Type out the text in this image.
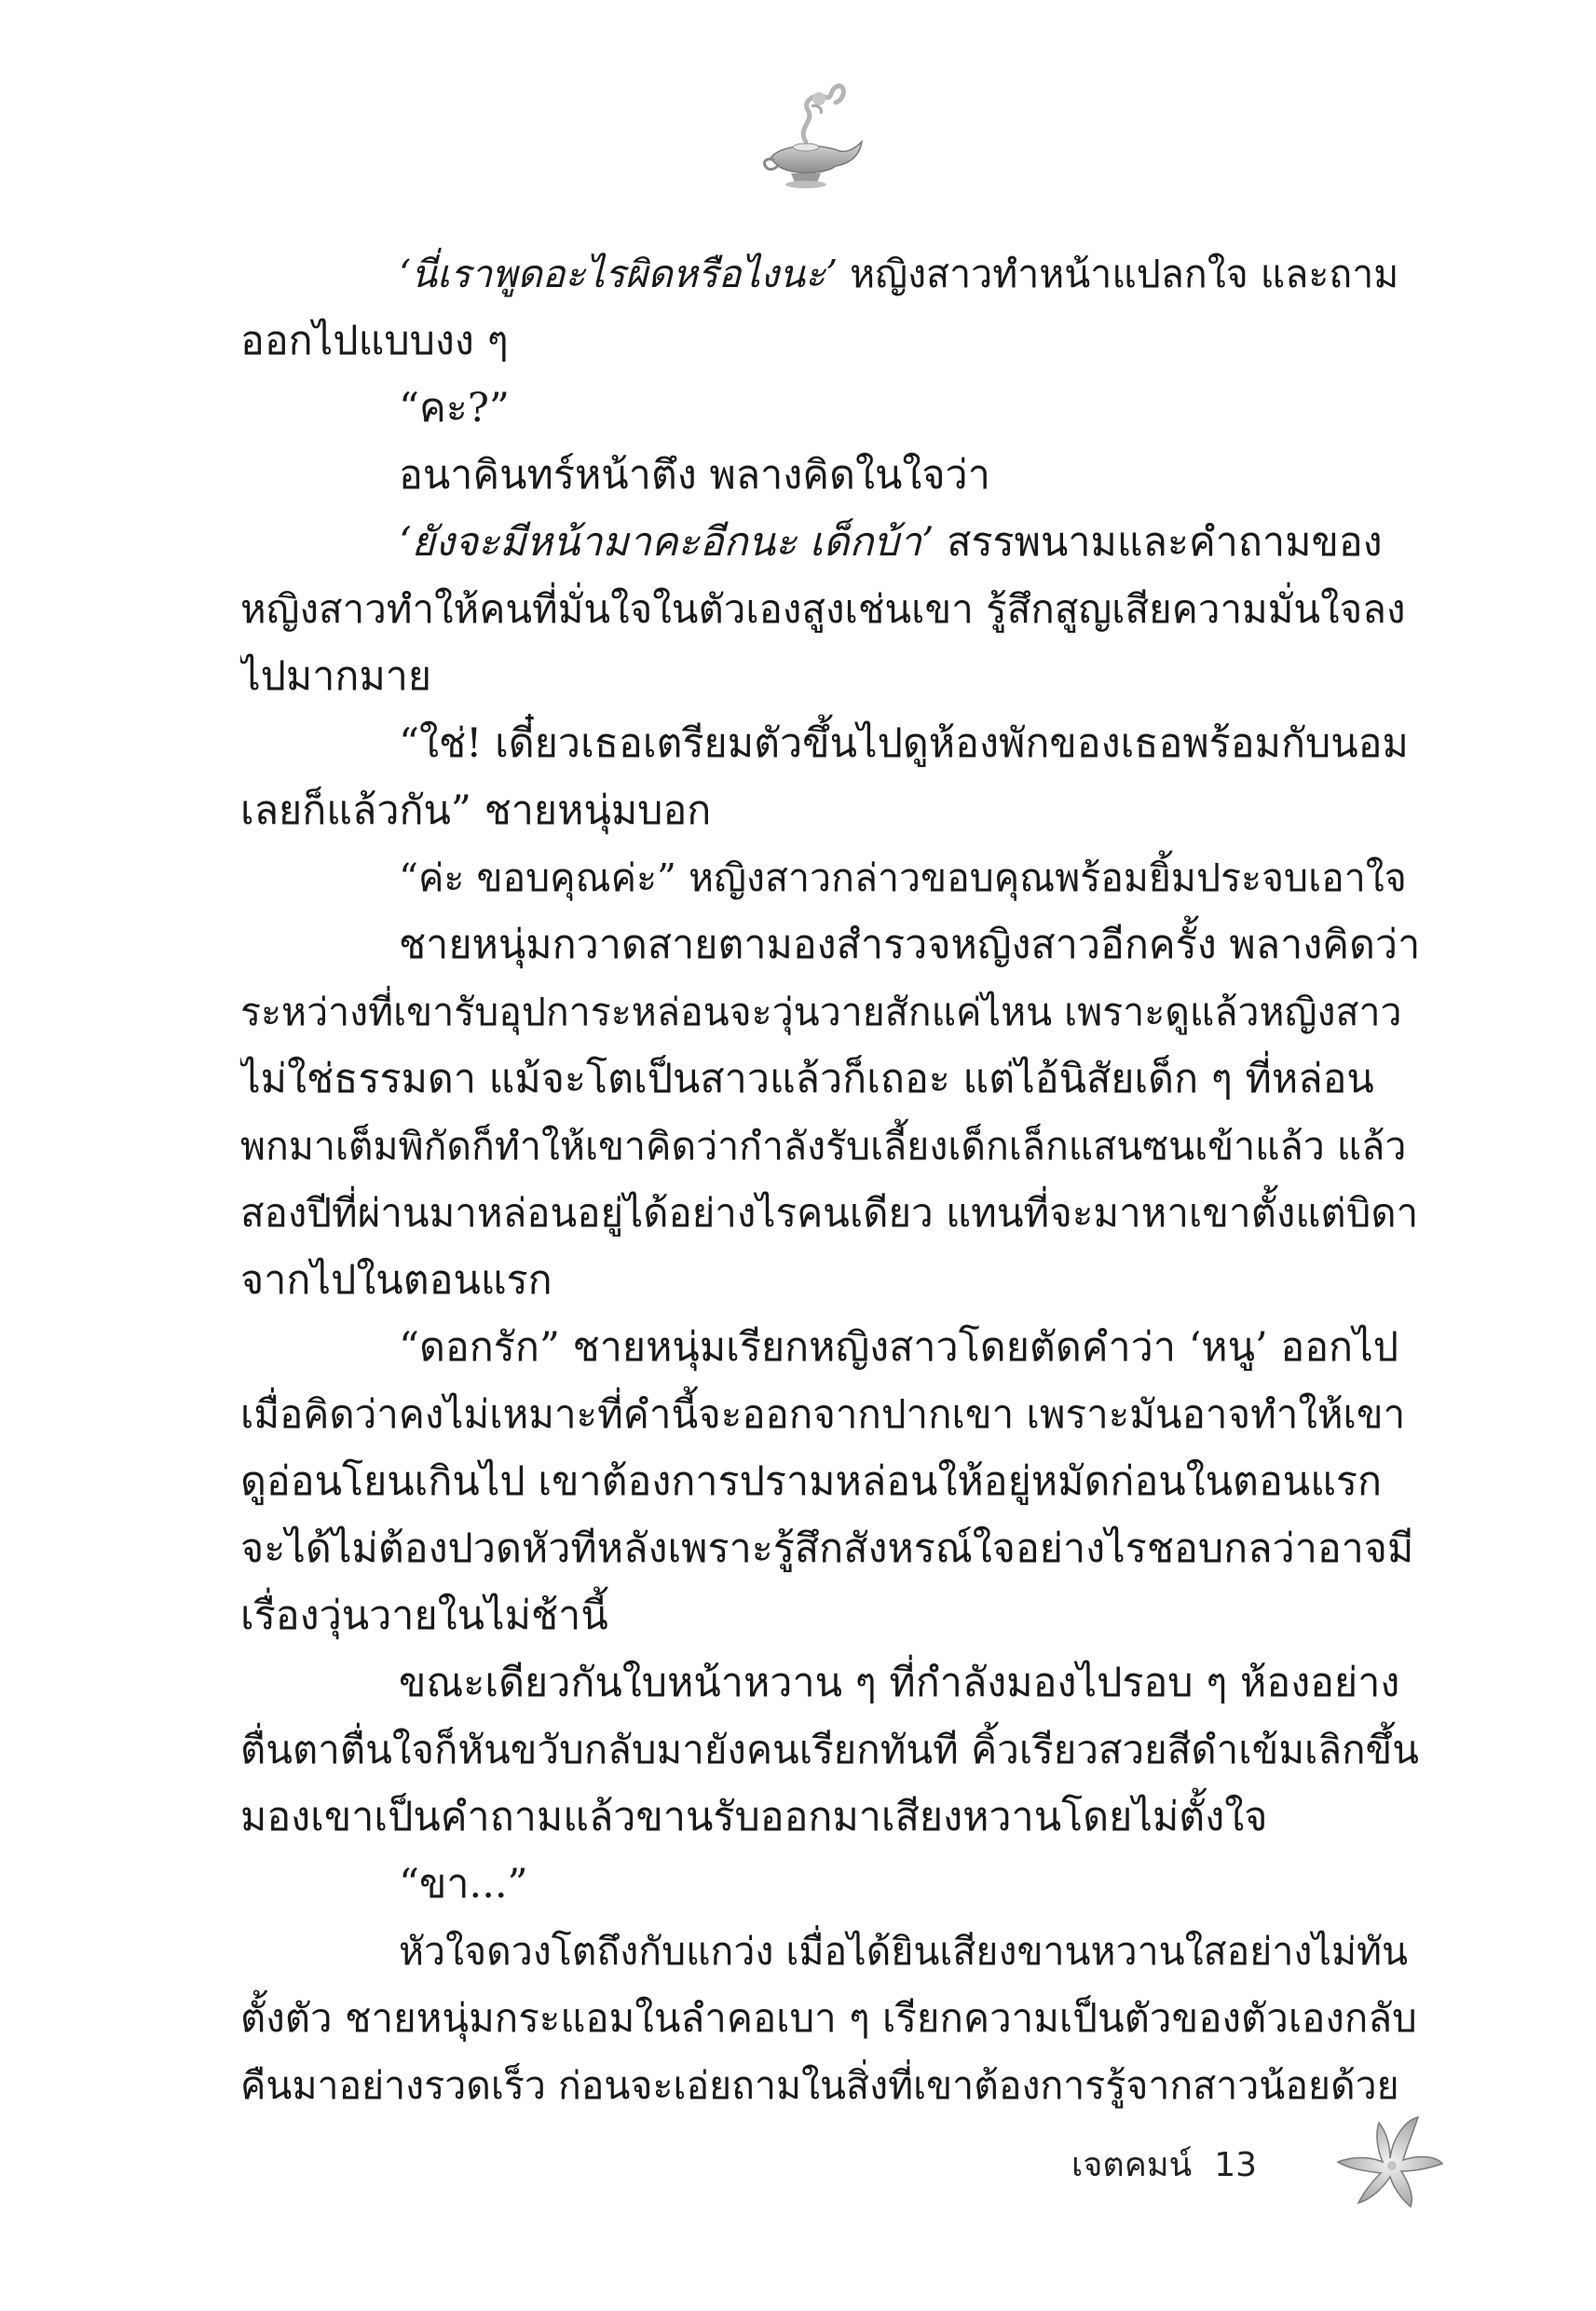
‘นี่เราพูดอะไรผิดหรือไงนะ’ หญิงสาวทำหน้าแปลกใจ และถาม
ออกไปแบบงง ๆ
“คะ?”
อนาคินทร์หน้าตึง พลางคิดในใจว่า
‘ยังจะมีหน้ามาคะอีกนะ เด็กบ้า’ สรรพนามและคำถามของ
หญิงสาวทำให้คนที่มั่นใจในตัวเองสูงเช่นเขา รู้สึกสูญเสียความมั่นใจลง
ไปมากมาย
“ใช่! เดี๋ยวเธอเตรียมตัวขึ้นไปดูห้องพักของเธอพร้อมกับนอม
เลยก็แล้วกัน” ชายหนุ่มบอก
“ค่ะ ขอบคุณค่ะ” หญิงสาวกล่าวขอบคุณพร้อมยิ้มประจบเอาใจ
ชายหนุ่มกวาดสายตามองสำรวจหญิงสาวอีกครั้ง พลางคิดว่า
ระหว่างที่เขารับอุปการะหล่อนจะวุ่นวายสักแค่ไหน เพราะดูแล้วหญิงสาว
ไม่ใช่ธรรมดา แม้จะโตเป็นสาวแล้วก็เถอะ แต่ไอ้นิสัยเด็ก ๆ ที่หล่อน
พกมาเต็มพิกัดก็ทำให้เขาคิดว่ากำลังรับเลี้ยงเด็กเล็กแสนซนเข้าแล้ว แล้ว
สองปีที่ผ่านมาหล่อนอยู่ได้อย่างไรคนเดียว แทนที่จะมาหาเขาตั้งแต่บิดา
จากไปในตอนแรก
“ดอกรัก” ชายหนุ่มเรียกหญิงสาวโดยตัดคำว่า ‘หนู’ ออกไป
เมื่อคิดว่าคงไม่เหมาะที่คำนี้จะออกจากปากเขา เพราะมันอาจทำให้เขา
ดูอ่อนโยนเกินไป เขาต้องการปรามหล่อนให้อยู่หมัดก่อนในตอนแรก
จะได้ไม่ต้องปวดหัวทีหลังเพราะรู้สึกสังหรณ์ใจอย่างไรชอบกลว่าอาจมี
เรื่องวุ่นวายในไม่ช้านี้
ขณะเดียวกันใบหน้าหวาน ๆ ที่กำลังมองไปรอบ ๆ ห้องอย่าง
ตื่นตาตื่นใจก็หันขวับกลับมายังคนเรียกทันที คิ้วเรียวสวยสีดำเข้มเลิกขึ้น
มองเขาเป็นคำถามแล้วขานรับออกมาเสียงหวานโดยไม่ตั้งใจ
“ขา...”
หัวใจดวงโตถึงกับแกว่ง เมื่อได้ยินเสียงขานหวานใสอย่างไม่ทัน
ตั้งตัว ชายหนุ่มกระแอมในลำคอเบา ๆ เรียกความเป็นตัวของตัวเองกลับ
คืนมาอย่างรวดเร็ว ก่อนจะเอ่ยถามในสิ่งที่เขาต้องการรู้จากสาวน้อยด้วย
เจตคมน์ 13
